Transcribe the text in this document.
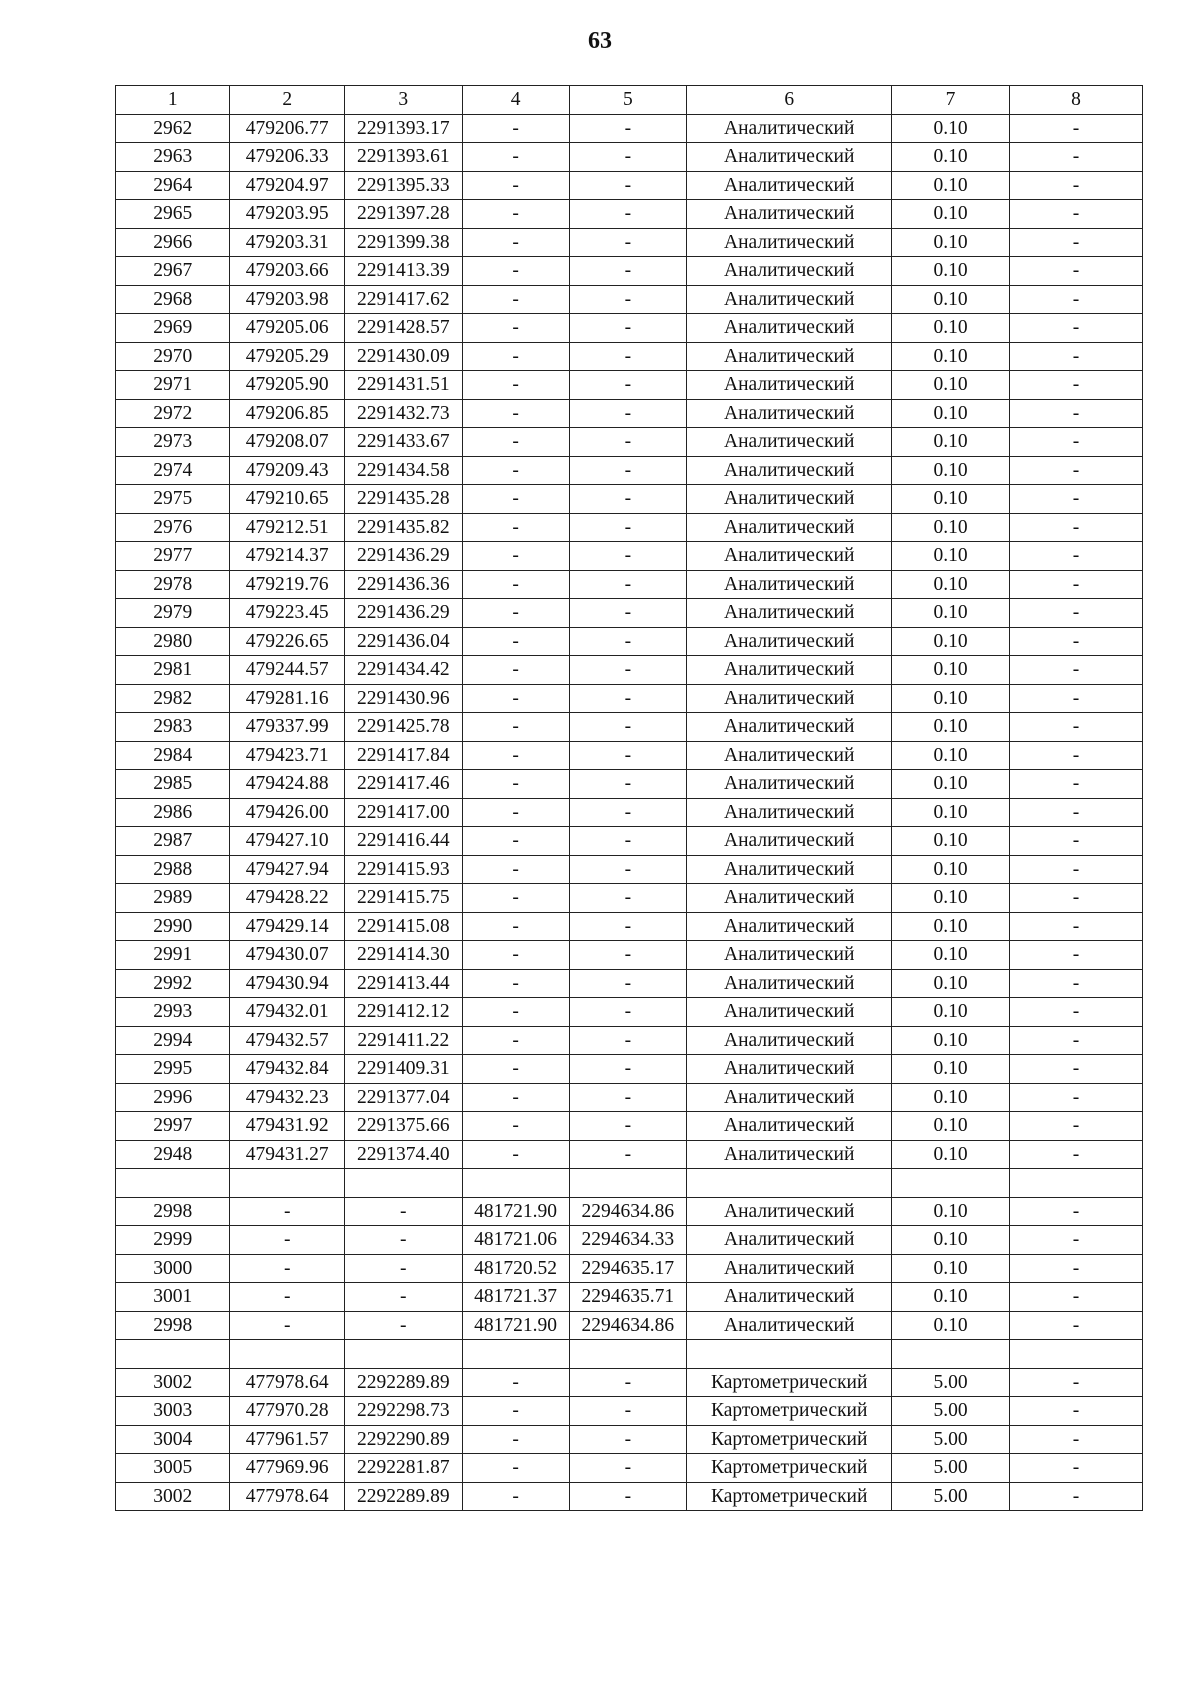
63
1	2	3	4	5	6	7	8
2962	479206.77	2291393.17	-	-	Аналитический	0.10	-
2963	479206.33	2291393.61	-	-	Аналитический	0.10	-
2964	479204.97	2291395.33	-	-	Аналитический	0.10	-
2965	479203.95	2291397.28	-	-	Аналитический	0.10	-
2966	479203.31	2291399.38	-	-	Аналитический	0.10	-
2967	479203.66	2291413.39	-	-	Аналитический	0.10	-
2968	479203.98	2291417.62	-	-	Аналитический	0.10	-
2969	479205.06	2291428.57	-	-	Аналитический	0.10	-
2970	479205.29	2291430.09	-	-	Аналитический	0.10	-
2971	479205.90	2291431.51	-	-	Аналитический	0.10	-
2972	479206.85	2291432.73	-	-	Аналитический	0.10	-
2973	479208.07	2291433.67	-	-	Аналитический	0.10	-
2974	479209.43	2291434.58	-	-	Аналитический	0.10	-
2975	479210.65	2291435.28	-	-	Аналитический	0.10	-
2976	479212.51	2291435.82	-	-	Аналитический	0.10	-
2977	479214.37	2291436.29	-	-	Аналитический	0.10	-
2978	479219.76	2291436.36	-	-	Аналитический	0.10	-
2979	479223.45	2291436.29	-	-	Аналитический	0.10	-
2980	479226.65	2291436.04	-	-	Аналитический	0.10	-
2981	479244.57	2291434.42	-	-	Аналитический	0.10	-
2982	479281.16	2291430.96	-	-	Аналитический	0.10	-
2983	479337.99	2291425.78	-	-	Аналитический	0.10	-
2984	479423.71	2291417.84	-	-	Аналитический	0.10	-
2985	479424.88	2291417.46	-	-	Аналитический	0.10	-
2986	479426.00	2291417.00	-	-	Аналитический	0.10	-
2987	479427.10	2291416.44	-	-	Аналитический	0.10	-
2988	479427.94	2291415.93	-	-	Аналитический	0.10	-
2989	479428.22	2291415.75	-	-	Аналитический	0.10	-
2990	479429.14	2291415.08	-	-	Аналитический	0.10	-
2991	479430.07	2291414.30	-	-	Аналитический	0.10	-
2992	479430.94	2291413.44	-	-	Аналитический	0.10	-
2993	479432.01	2291412.12	-	-	Аналитический	0.10	-
2994	479432.57	2291411.22	-	-	Аналитический	0.10	-
2995	479432.84	2291409.31	-	-	Аналитический	0.10	-
2996	479432.23	2291377.04	-	-	Аналитический	0.10	-
2997	479431.92	2291375.66	-	-	Аналитический	0.10	-
2948	479431.27	2291374.40	-	-	Аналитический	0.10	-

2998	-	-	481721.90	2294634.86	Аналитический	0.10	-
2999	-	-	481721.06	2294634.33	Аналитический	0.10	-
3000	-	-	481720.52	2294635.17	Аналитический	0.10	-
3001	-	-	481721.37	2294635.71	Аналитический	0.10	-
2998	-	-	481721.90	2294634.86	Аналитический	0.10	-

3002	477978.64	2292289.89	-	-	Картометрический	5.00	-
3003	477970.28	2292298.73	-	-	Картометрический	5.00	-
3004	477961.57	2292290.89	-	-	Картометрический	5.00	-
3005	477969.96	2292281.87	-	-	Картометрический	5.00	-
3002	477978.64	2292289.89	-	-	Картометрический	5.00	-
